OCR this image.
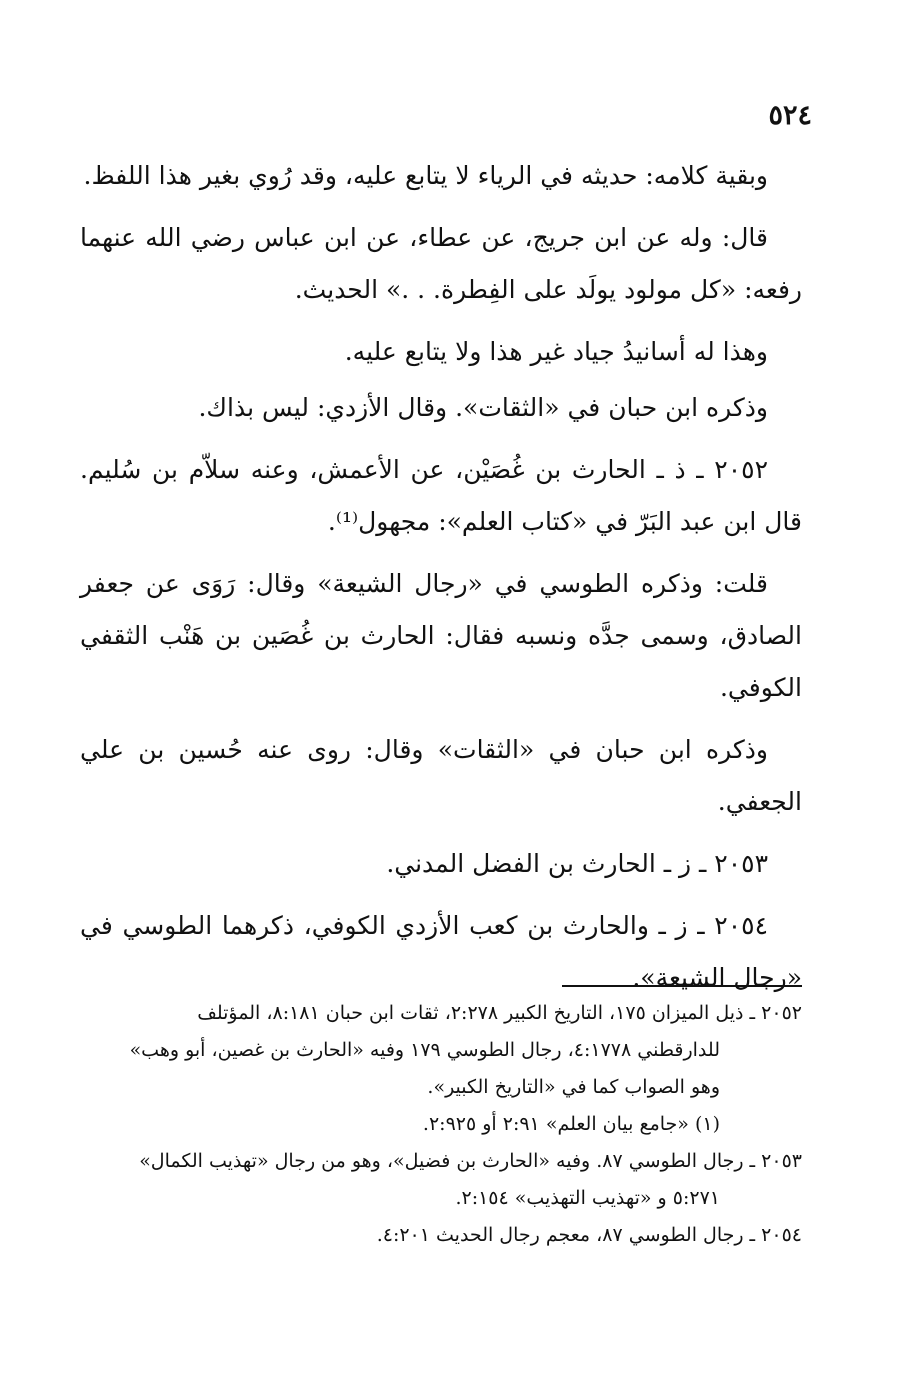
٥٢٤

وبقية كلامه: حديثه في الرياء لا يتابع عليه، وقد رُوي بغير هذا اللفظ.

قال: وله عن ابن جريج، عن عطاء، عن ابن عباس رضي الله عنهما رفعه: «كل مولود يولَد على الفِطرة. . .» الحديث.

وهذا له أسانيدُ جياد غير هذا ولا يتابع عليه.

وذكره ابن حبان في «الثقات». وقال الأزدي: ليس بذاك.

٢٠٥٢ ـ ذ ـ الحارث بن غُصَيْن، عن الأعمش، وعنه سلاّم بن سُليم. قال ابن عبد البَرّ في «كتاب العلم»: مجهول⁽¹⁾.

قلت: وذكره الطوسي في «رجال الشيعة» وقال: رَوَى عن جعفر الصادق، وسمى جدَّه ونسبه فقال: الحارث بن غُصَين بن هَنْب الثقفي الكوفي.

وذكره ابن حبان في «الثقات» وقال: روى عنه حُسين بن علي الجعفي.

٢٠٥٣ ـ ز ـ الحارث بن الفضل المدني.

٢٠٥٤ ـ ز ـ والحارث بن كعب الأزدي الكوفي، ذكرهما الطوسي في «رجال الشيعة».

٢٠٥٢ ـ ذيل الميزان ١٧٥، التاريخ الكبير ٢:٢٧٨، ثقات ابن حبان ٨:١٨١، المؤتلف

للدارقطني ٤:١٧٧٨، رجال الطوسي ١٧٩ وفيه «الحارث بن غصين، أبو وهب»

وهو الصواب كما في «التاريخ الكبير».

(١) «جامع بيان العلم» ٢:٩١ أو ٢:٩٢٥.

٢٠٥٣ ـ رجال الطوسي ٨٧. وفيه «الحارث بن فضيل»، وهو من رجال «تهذيب الكمال»

٥:٢٧١ و «تهذيب التهذيب» ٢:١٥٤.

٢٠٥٤ ـ رجال الطوسي ٨٧، معجم رجال الحديث ٤:٢٠١.
